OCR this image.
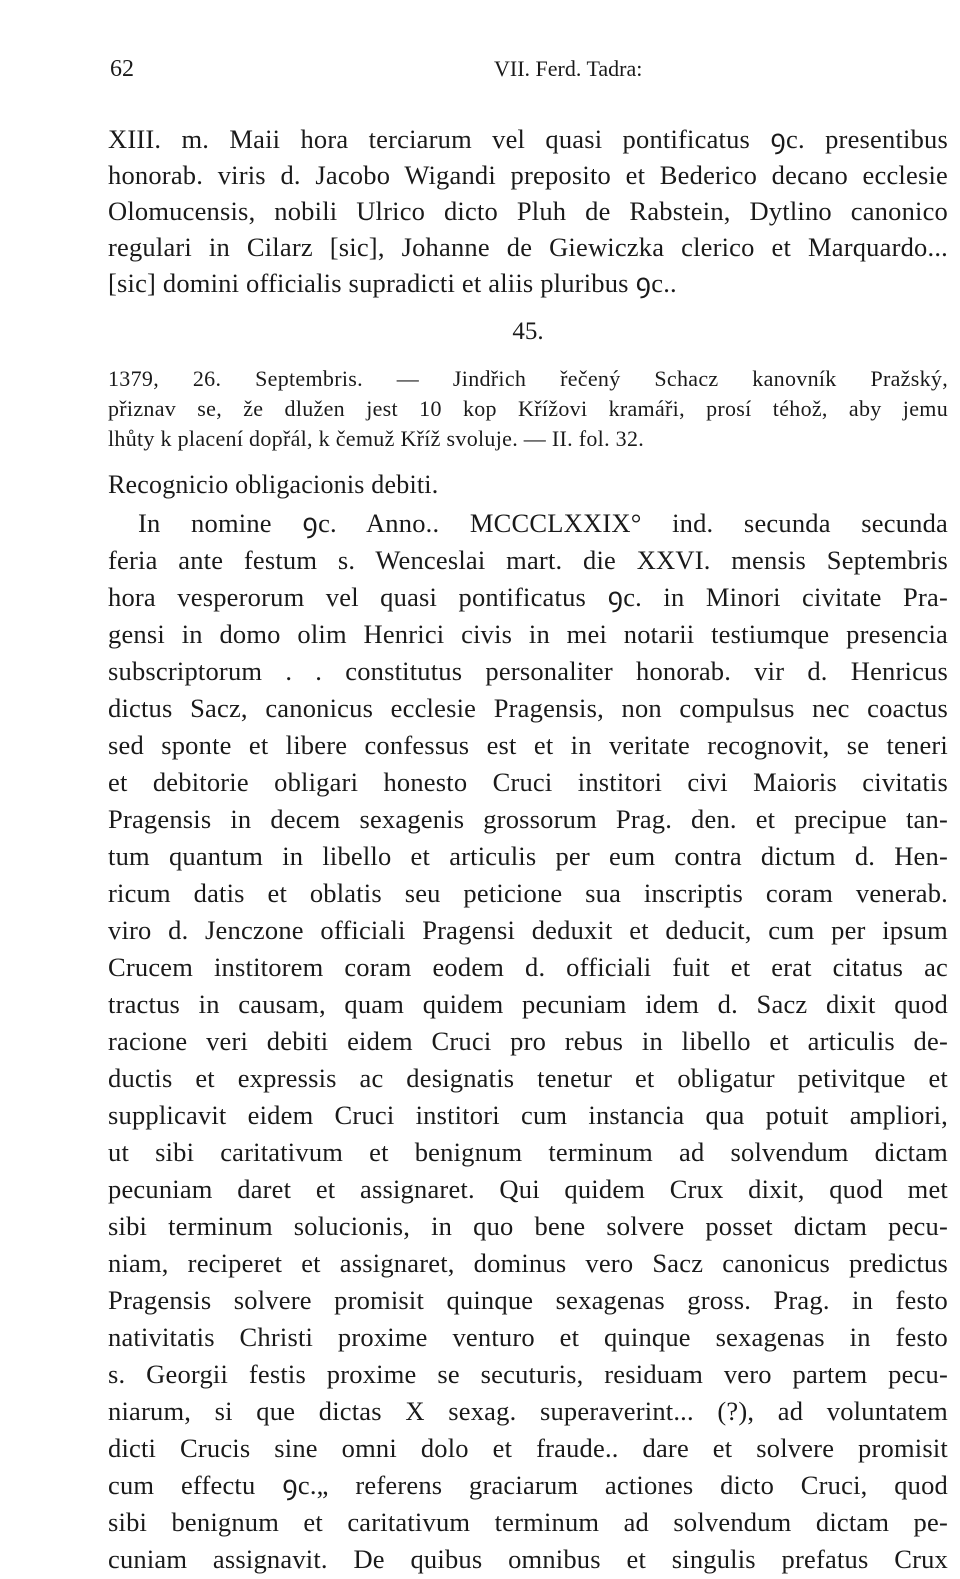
62	VII. Ferd. Tadra:
XIII. m. Maii hora terciarum vel quasi pontificatus ꝯc. presentibus
honorab. viris d. Jacobo Wigandi preposito et Bederico decano ecclesie
Olomucensis, nobili Ulrico dicto Pluh de Rabstein, Dytlino canonico
regulari in Cilarz [sic], Johanne de Giewiczka clerico et Marquardo...
[sic] domini officialis supradicti et aliis pluribus ꝯc..
45.
1379, 26. Septembris. — Jindřich řečený Schacz kanovník Pražský,
přiznav se, že dlužen jest 10 kop Křížovi kramáři, prosí téhož, aby jemu
lhůty k placení dopřál, k čemuž Kříž svoluje. — II. fol. 32.
Recognicio obligacionis debiti.
In nomine ꝯc. Anno.. MCCCLXXIX° ind. secunda secunda
feria ante festum s. Wenceslai mart. die XXVI. mensis Septembris
hora vesperorum vel quasi pontificatus ꝯc. in Minori civitate Pra-
gensi in domo olim Henrici civis in mei notarii testiumque presencia
subscriptorum . . constitutus personaliter honorab. vir d. Henricus
dictus Sacz, canonicus ecclesie Pragensis, non compulsus nec coactus
sed sponte et libere confessus est et in veritate recognovit, se teneri
et debitorie obligari honesto Cruci institori civi Maioris civitatis
Pragensis in decem sexagenis grossorum Prag. den. et precipue tan-
tum quantum in libello et articulis per eum contra dictum d. Hen-
ricum datis et oblatis seu peticione sua inscriptis coram venerab.
viro d. Jenczone officiali Pragensi deduxit et deducit, cum per ipsum
Crucem institorem coram eodem d. officiali fuit et erat citatus ac
tractus in causam, quam quidem pecuniam idem d. Sacz dixit quod
racione veri debiti eidem Cruci pro rebus in libello et articulis de-
ductis et expressis ac designatis tenetur et obligatur petivitque et
supplicavit eidem Cruci institori cum instancia qua potuit ampliori,
ut sibi caritativum et benignum terminum ad solvendum dictam
pecuniam daret et assignaret. Qui quidem Crux dixit, quod met
sibi terminum solucionis, in quo bene solvere posset dictam pecu-
niam, reciperet et assignaret, dominus vero Sacz canonicus predictus
Pragensis solvere promisit quinque sexagenas gross. Prag. in festo
nativitatis Christi proxime venturo et quinque sexagenas in festo
s. Georgii festis proxime se secuturis, residuam vero partem pecu-
niarum, si que dictas X sexag. superaverint... (?), ad voluntatem
dicti Crucis sine omni dolo et fraude.. dare et solvere promisit
cum effectu ꝯc.„ referens graciarum actiones dicto Cruci, quod
sibi benignum et caritativum terminum ad solvendum dictam pe-
cuniam assignavit. De quibus omnibus et singulis prefatus Crux
